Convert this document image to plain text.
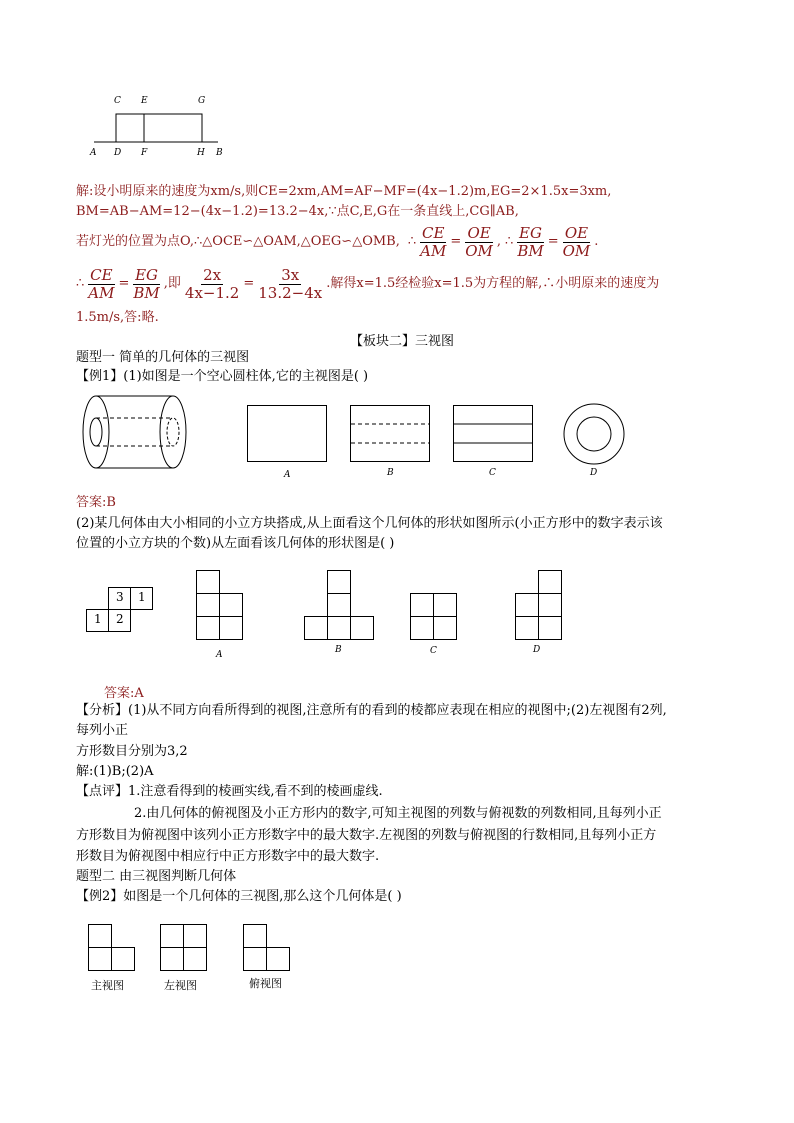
C E	G
A D F	H B
解:设小明原来的速度为xm/s,则CE=2xm,AM=AF−MF=(4x−1.2)m,EG=2×1.5x=3xm,
BM=AB−AM=12−(4x−1.2)=13.2−4x,∵点C,E,G在一条直线上,CG∥AB,
若灯光的位置为点O,∴△OCE∽△OAM,△OEG∽△OMB, ∴ $\frac{CE}{AM} = \frac{OE}{OM}$ , ∴ $\frac{EG}{BM} = \frac{OE}{OM}$ .
∴ $\frac{CE}{AM} = \frac{EG}{BM}$ ,即 $\frac{2x}{4x-1.2} = \frac{3x}{13.2-4x}$ .解得x=1.5经检验x=1.5为方程的解,∴小明原来的速度为
1.5m/s,答:略.
【板块二】三视图
题型一 简单的几何体的三视图
【例1】(1)如图是一个空心圆柱体,它的主视图是( )
A	B	C	D
答案:B
(2)某几何体由大小相同的小立方块搭成,从上面看这个几何体的形状如图所示(小正方形中的数字表示该
位置的小立方块的个数)从左面看该几何体的形状图是( )
3 1
1 2
A	B	C	D
答案:A
【分析】(1)从不同方向看所得到的视图,注意所有的看到的棱都应表现在相应的视图中;(2)左视图有2列,
每列小正
方形数目分别为3,2
解:(1)B;(2)A
【点评】1.注意看得到的棱画实线,看不到的棱画虚线.
2.由几何体的俯视图及小正方形内的数字,可知主视图的列数与俯视数的列数相同,且每列小正
方形数目为俯视图中该列小正方形数字中的最大数字.左视图的列数与俯视图的行数相同,且每列小正方
形数目为俯视图中相应行中正方形数字中的最大数字.
题型二 由三视图判断几何体
【例2】如图是一个几何体的三视图,那么这个几何体是( )
主视图	左视图	俯视图
